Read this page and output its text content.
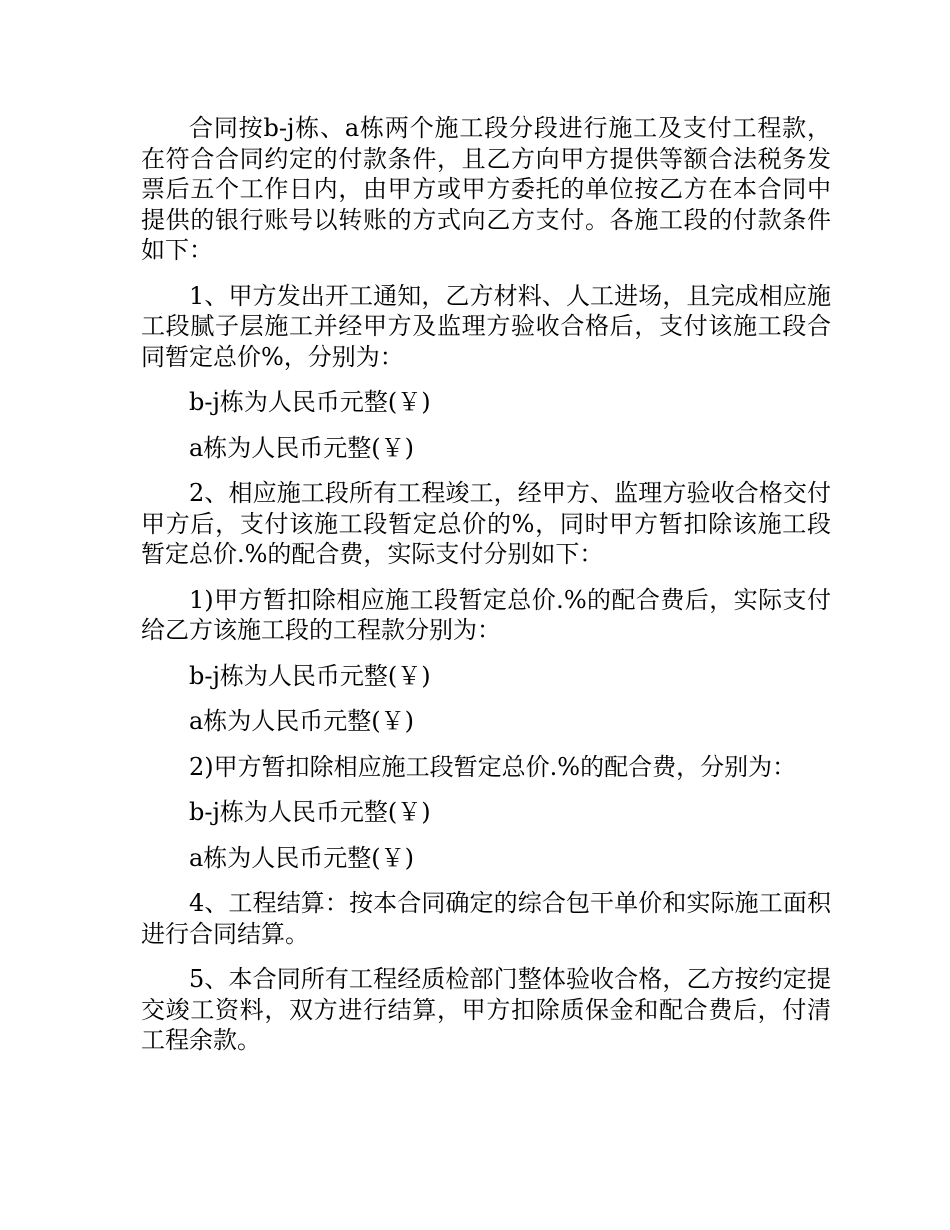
合同按b-j栋、a栋两个施工段分段进行施工及支付工程款，在符合合同约定的付款条件，且乙方向甲方提供等额合法税务发票后五个工作日内，由甲方或甲方委托的单位按乙方在本合同中提供的银行账号以转账的方式向乙方支付。各施工段的付款条件如下：

1、甲方发出开工通知，乙方材料、人工进场，且完成相应施工段腻子层施工并经甲方及监理方验收合格后，支付该施工段合同暂定总价%，分别为：

b-j栋为人民币元整(￥)

a栋为人民币元整(￥)

2、相应施工段所有工程竣工，经甲方、监理方验收合格交付甲方后，支付该施工段暂定总价的%，同时甲方暂扣除该施工段暂定总价.%的配合费，实际支付分别如下：

1)甲方暂扣除相应施工段暂定总价.%的配合费后，实际支付给乙方该施工段的工程款分别为：

b-j栋为人民币元整(￥)

a栋为人民币元整(￥)

2)甲方暂扣除相应施工段暂定总价.%的配合费，分别为：

b-j栋为人民币元整(￥)

a栋为人民币元整(￥)

4、工程结算：按本合同确定的综合包干单价和实际施工面积进行合同结算。

5、本合同所有工程经质检部门整体验收合格，乙方按约定提交竣工资料，双方进行结算，甲方扣除质保金和配合费后，付清工程余款。
